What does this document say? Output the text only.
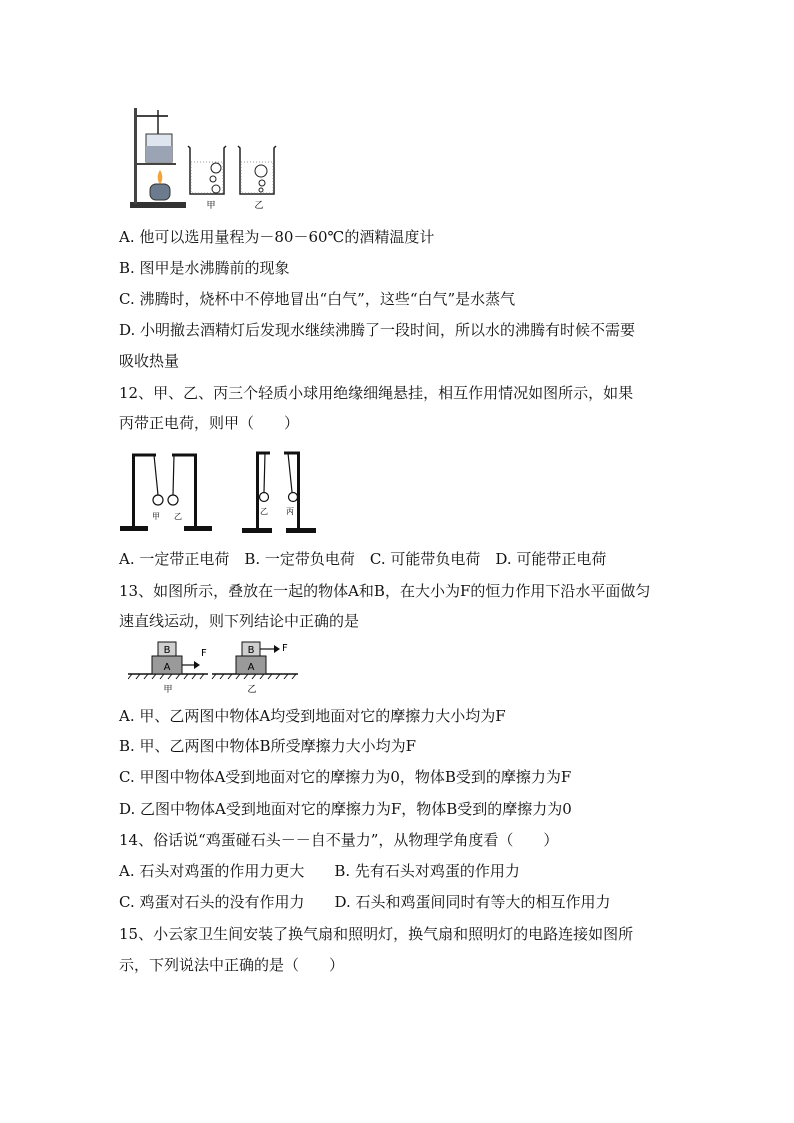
甲	乙
A. 他可以选用量程为－80－60℃的酒精温度计
B. 图甲是水沸腾前的现象
C. 沸腾时，烧杯中不停地冒出“白气”，这些“白气”是水蒸气
D. 小明撤去酒精灯后发现水继续沸腾了一段时间，所以水的沸腾有时候不需要
吸收热量
12、甲、乙、丙三个轻质小球用绝缘细绳悬挂，相互作用情况如图所示，如果
丙带正电荷，则甲（　　）
甲 乙
乙 丙
A. 一定带正电荷　B. 一定带负电荷　C. 可能带负电荷　D. 可能带正电荷
13、如图所示，叠放在一起的物体A和B，在大小为F的恒力作用下沿水平面做匀
速直线运动，则下列结论中正确的是
B
A
F
甲
B
A
F
乙
A. 甲、乙两图中物体A均受到地面对它的摩擦力大小均为F
B. 甲、乙两图中物体B所受摩擦力大小均为F
C. 甲图中物体A受到地面对它的摩擦力为0，物体B受到的摩擦力为F
D. 乙图中物体A受到地面对它的摩擦力为F，物体B受到的摩擦力为0
14、俗话说“鸡蛋碰石头－－自不量力”，从物理学角度看（　　）
A. 石头对鸡蛋的作用力更大　　B. 先有石头对鸡蛋的作用力
C. 鸡蛋对石头的没有作用力　　D. 石头和鸡蛋间同时有等大的相互作用力
15、小云家卫生间安装了换气扇和照明灯，换气扇和照明灯的电路连接如图所
示，下列说法中正确的是（　　）
